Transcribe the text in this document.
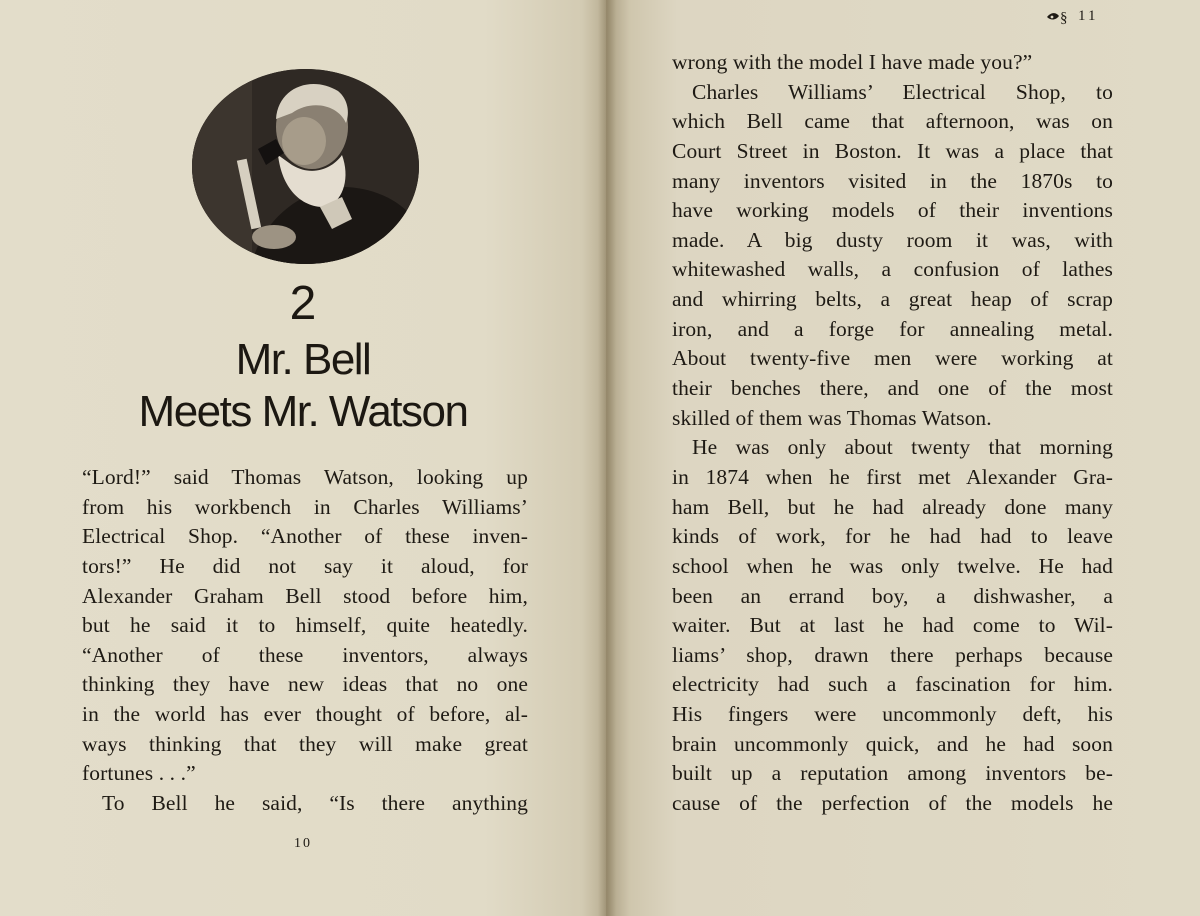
2
Mr. Bell
Meets Mr. Watson
“Lord!” said Thomas Watson, looking up
from his workbench in Charles Williams’
Electrical Shop. “Another of these inven-
tors!” He did not say it aloud, for
Alexander Graham Bell stood before him,
but he said it to himself, quite heatedly.
“Another of these inventors, always
thinking they have new ideas that no one
in the world has ever thought of before, al-
ways thinking that they will make great
fortunes . . .”
To Bell he said, “Is there anything
10
§ 11
wrong with the model I have made you?”
Charles Williams’ Electrical Shop, to
which Bell came that afternoon, was on
Court Street in Boston. It was a place that
many inventors visited in the 1870s to
have working models of their inventions
made. A big dusty room it was, with
whitewashed walls, a confusion of lathes
and whirring belts, a great heap of scrap
iron, and a forge for annealing metal.
About twenty-five men were working at
their benches there, and one of the most
skilled of them was Thomas Watson.
He was only about twenty that morning
in 1874 when he first met Alexander Gra-
ham Bell, but he had already done many
kinds of work, for he had had to leave
school when he was only twelve. He had
been an errand boy, a dishwasher, a
waiter. But at last he had come to Wil-
liams’ shop, drawn there perhaps because
electricity had such a fascination for him.
His fingers were uncommonly deft, his
brain uncommonly quick, and he had soon
built up a reputation among inventors be-
cause of the perfection of the models he
